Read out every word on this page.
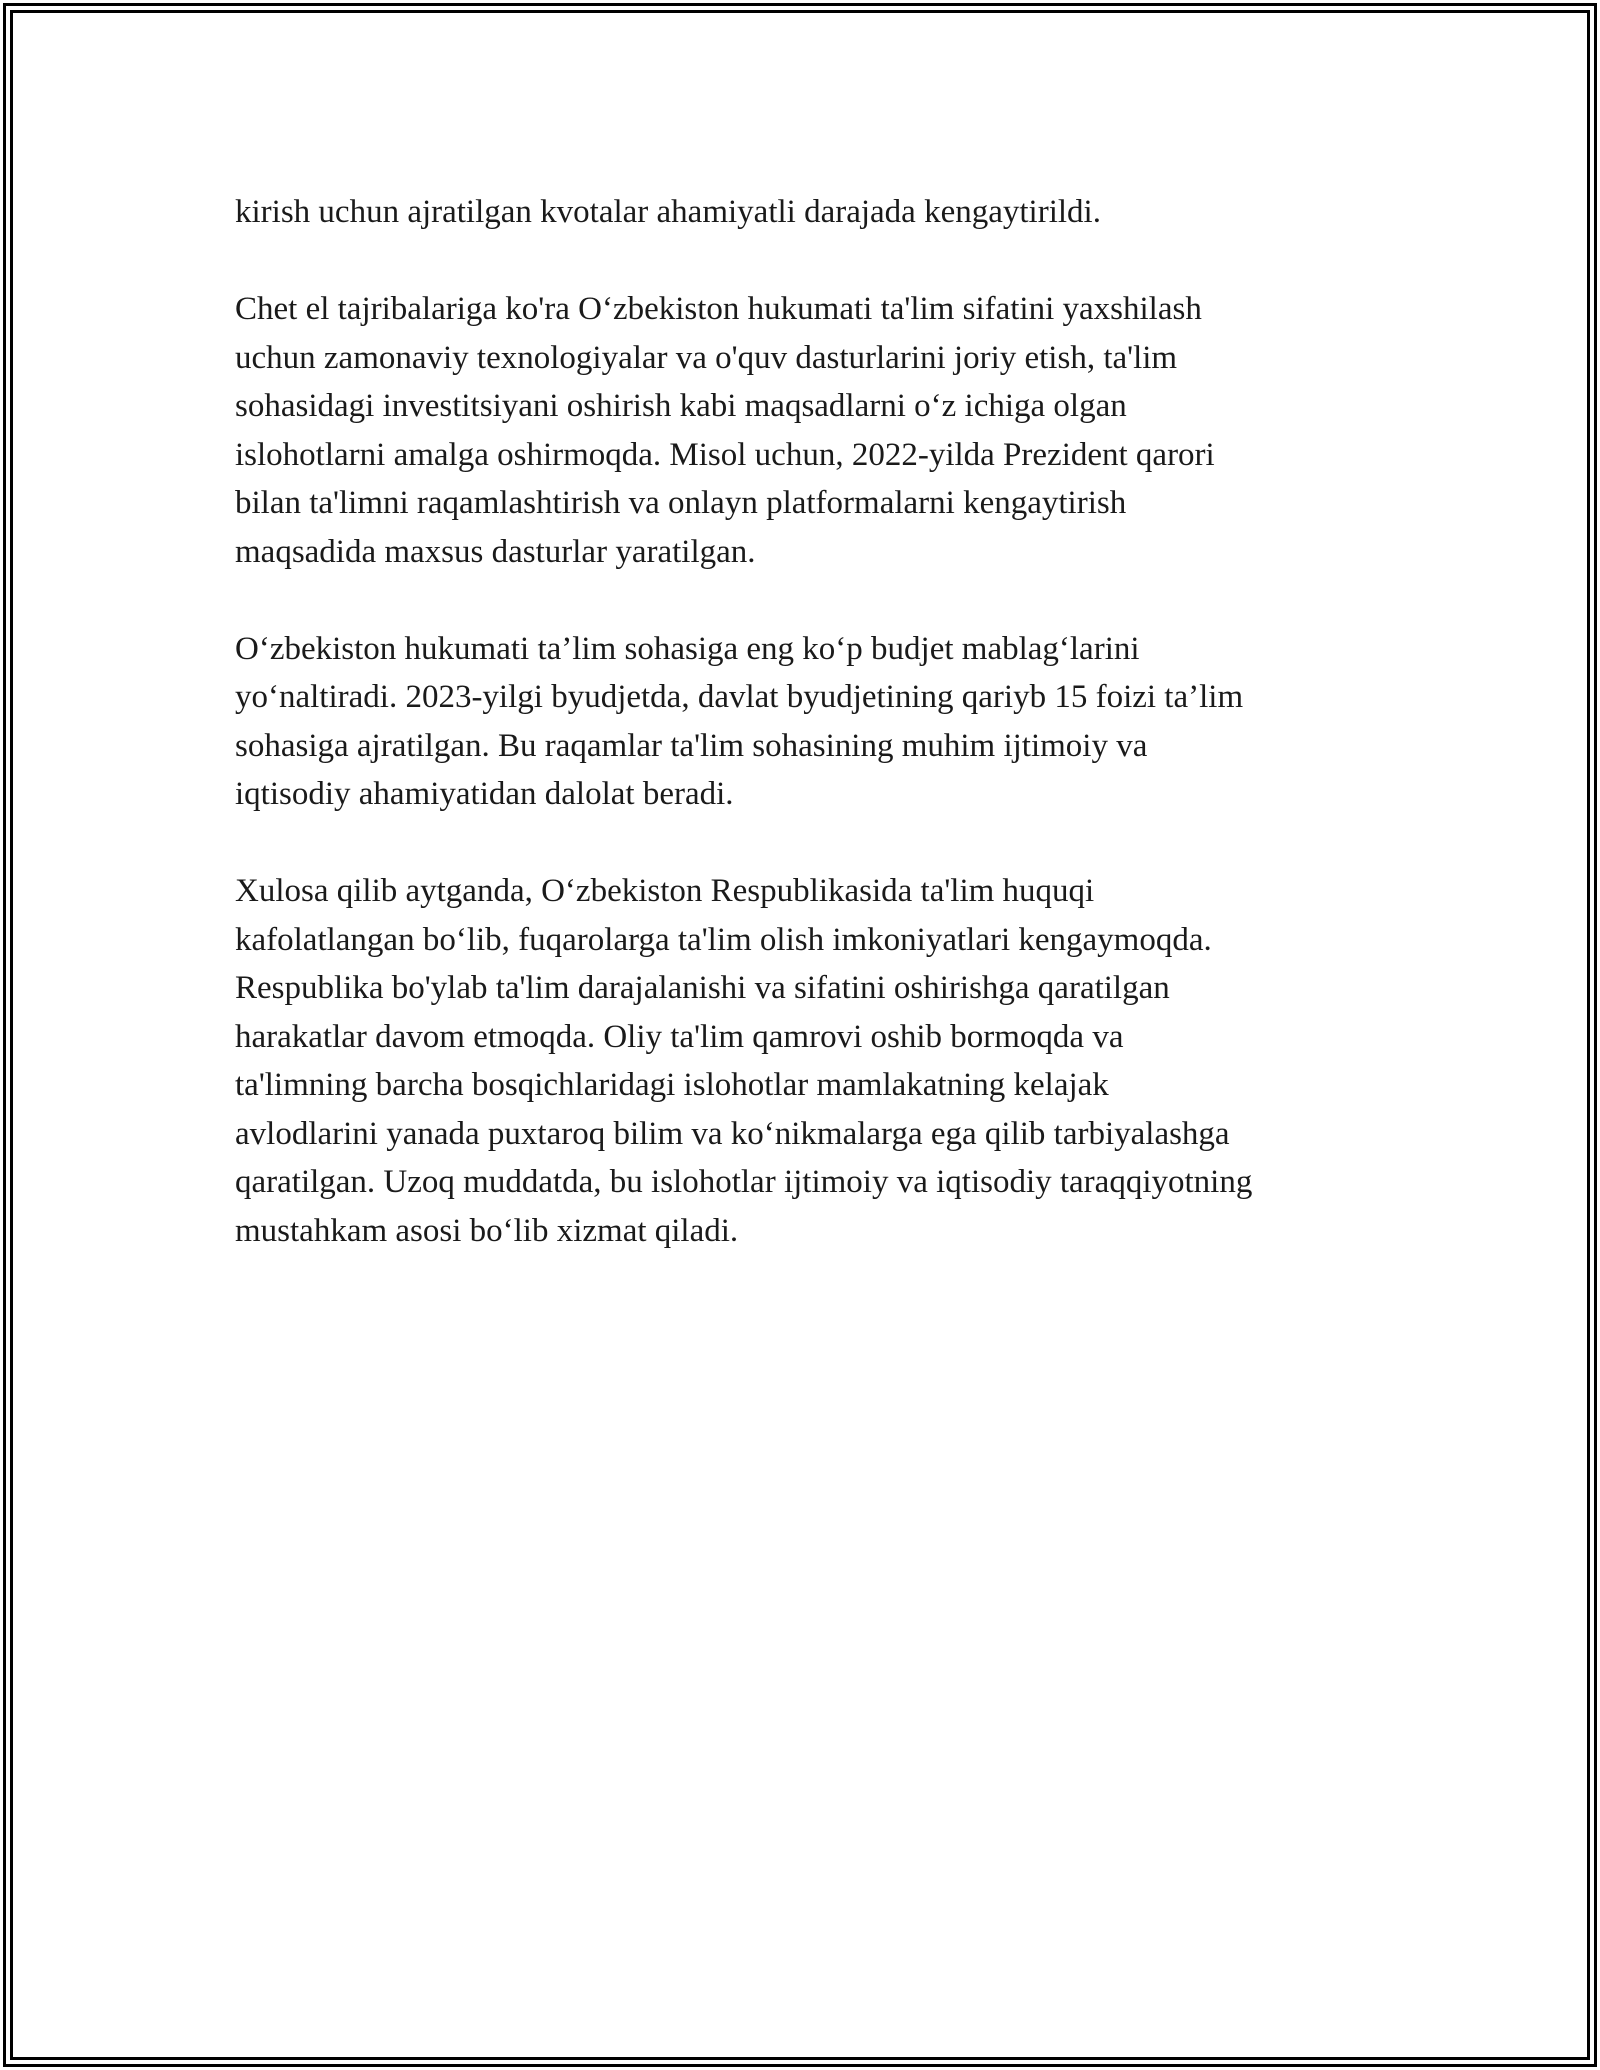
kirish uchun ajratilgan kvotalar ahamiyatli darajada kengaytirildi.

Chet el tajribalariga ko'ra O‘zbekiston hukumati ta'lim sifatini yaxshilash
uchun zamonaviy texnologiyalar va o'quv dasturlarini joriy etish, ta'lim
sohasidagi investitsiyani oshirish kabi maqsadlarni o‘z ichiga olgan
islohotlarni amalga oshirmoqda. Misol uchun, 2022-yilda Prezident qarori
bilan ta'limni raqamlashtirish va onlayn platformalarni kengaytirish
maqsadida maxsus dasturlar yaratilgan.

O‘zbekiston hukumati ta’lim sohasiga eng ko‘p budjet mablag‘larini
yo‘naltiradi. 2023-yilgi byudjetda, davlat byudjetining qariyb 15 foizi ta’lim
sohasiga ajratilgan. Bu raqamlar ta'lim sohasining muhim ijtimoiy va
iqtisodiy ahamiyatidan dalolat beradi.

Xulosa qilib aytganda, O‘zbekiston Respublikasida ta'lim huquqi
kafolatlangan bo‘lib, fuqarolarga ta'lim olish imkoniyatlari kengaymoqda.
Respublika bo'ylab ta'lim darajalanishi va sifatini oshirishga qaratilgan
harakatlar davom etmoqda. Oliy ta'lim qamrovi oshib bormoqda va
ta'limning barcha bosqichlaridagi islohotlar mamlakatning kelajak
avlodlarini yanada puxtaroq bilim va ko‘nikmalarga ega qilib tarbiyalashga
qaratilgan. Uzoq muddatda, bu islohotlar ijtimoiy va iqtisodiy taraqqiyotning
mustahkam asosi bo‘lib xizmat qiladi.
